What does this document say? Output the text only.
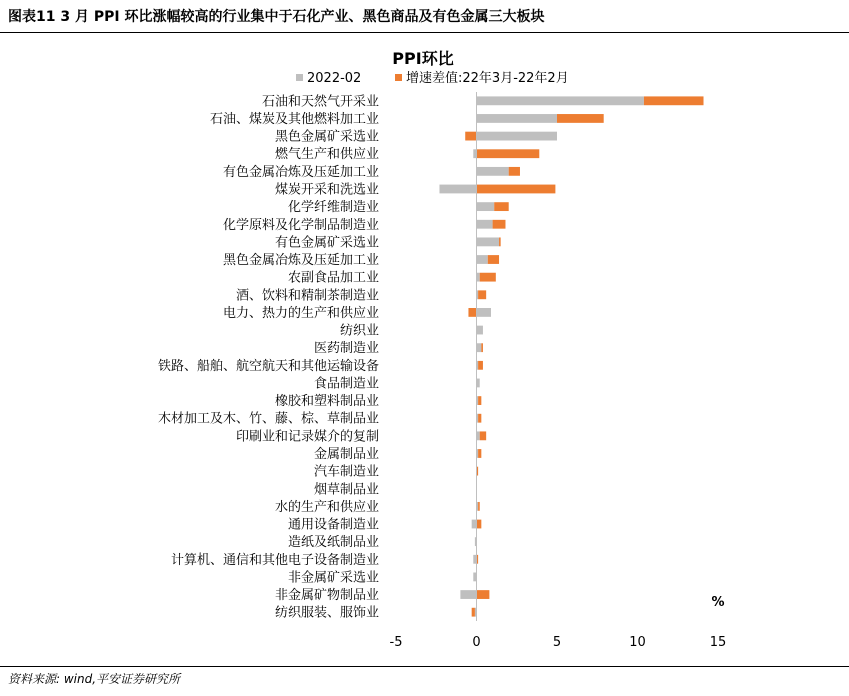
图表11 3 月 PPI 环比涨幅较高的行业集中于石化产业、黑色商品及有色金属三大板块
PPI环比
2022-02	增速差值:22年3月-22年2月
%
石油和天然气开采业
石油、煤炭及其他燃料加工业
黑色金属矿采选业
燃气生产和供应业
有色金属冶炼及压延加工业
煤炭开采和洗选业
化学纤维制造业
化学原料及化学制品制造业
有色金属矿采选业
黑色金属冶炼及压延加工业
农副食品加工业
酒、饮料和精制茶制造业
电力、热力的生产和供应业
纺织业
医药制造业
铁路、船舶、航空航天和其他运输设备
食品制造业
橡胶和塑料制品业
木材加工及木、竹、藤、棕、草制品业
印刷业和记录媒介的复制
金属制品业
汽车制造业
烟草制品业
水的生产和供应业
通用设备制造业
造纸及纸制品业
计算机、通信和其他电子设备制造业
非金属矿采选业
非金属矿物制品业
纺织服装、服饰业
-5	0	5	10	15
资料来源: wind,平安证券研究所
